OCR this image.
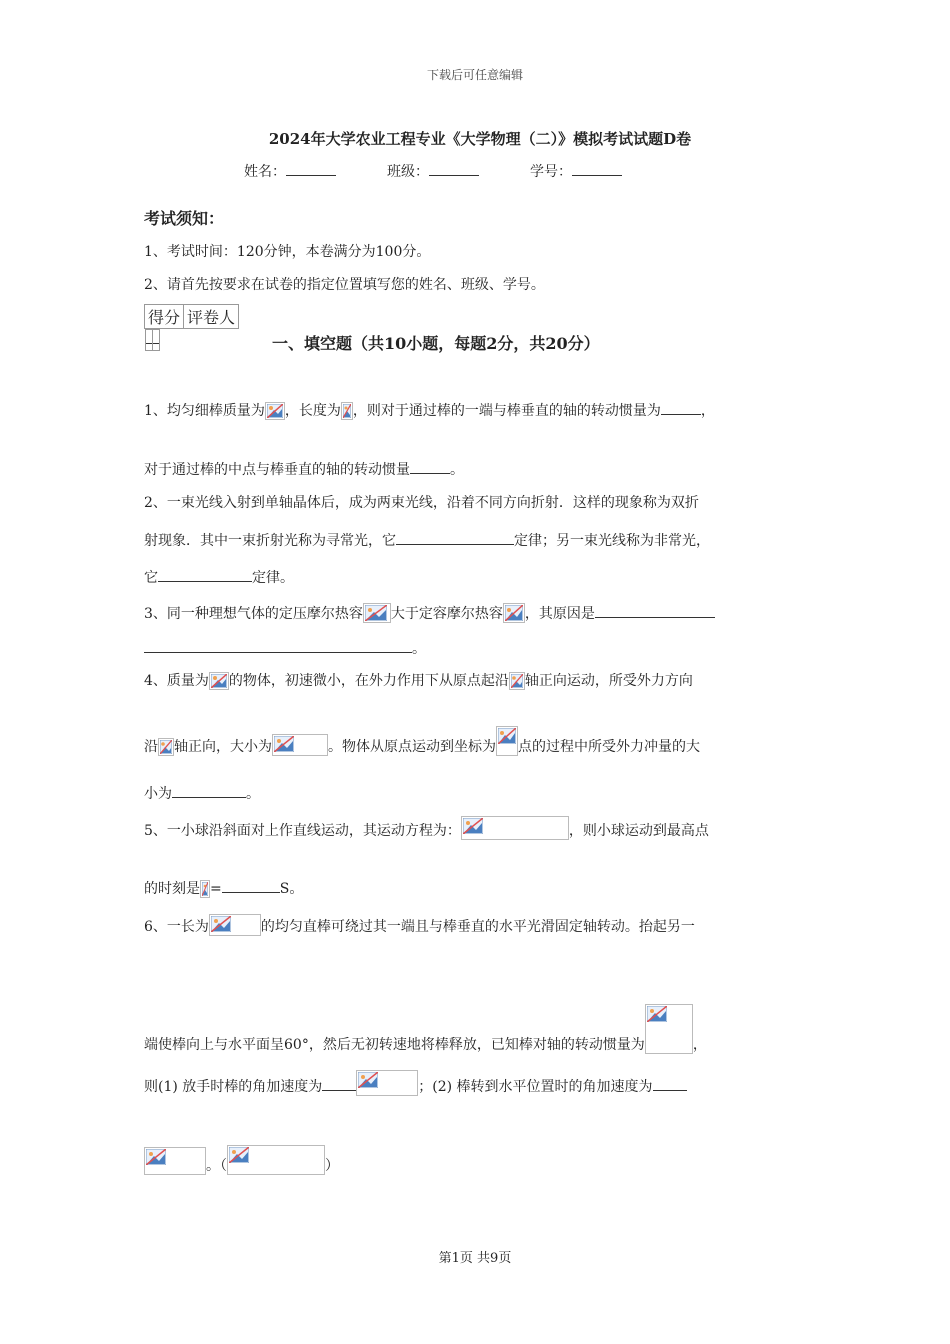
下载后可任意编辑
2024年大学农业工程专业《大学物理（二）》模拟考试试题D卷
姓名：	班级：	学号：
考试须知：
1、考试时间：120分钟，本卷满分为100分。
2、请首先按要求在试卷的指定位置填写您的姓名、班级、学号。
得分	评卷人

一、填空题（共10小题，每题2分，共20分）
1、均匀细棒质量为 ，长度为 ，则对于通过棒的一端与棒垂直的轴的转动惯量为	，
对于通过棒的中点与棒垂直的轴的转动惯量	。
2、一束光线入射到单轴晶体后，成为两束光线，沿着不同方向折射．这样的现象称为双折
射现象．其中一束折射光称为寻常光，它	定律；另一束光线称为非常光，
它	定律。
3、同一种理想气体的定压摩尔热容 大于定容摩尔热容 ，其原因是
。
4、质量为 的物体，初速微小，在外力作用下从原点起沿 轴正向运动，所受外力方向
沿 轴正向，大小为	。物体从原点运动到坐标为 点的过程中所受外力冲量的大
小为	。
5、一小球沿斜面对上作直线运动，其运动方程为：	，则小球运动到最高点
的时刻是 =	S。
6、一长为	的均匀直棒可绕过其一端且与棒垂直的水平光滑固定轴转动。抬起另一
端使棒向上与水平面呈60°，然后无初转速地将棒释放，已知棒对轴的转动惯量为	，
则(1) 放手时棒的角加速度为	；(2) 棒转到水平位置时的角加速度为
。（	）
第1页 共9页
